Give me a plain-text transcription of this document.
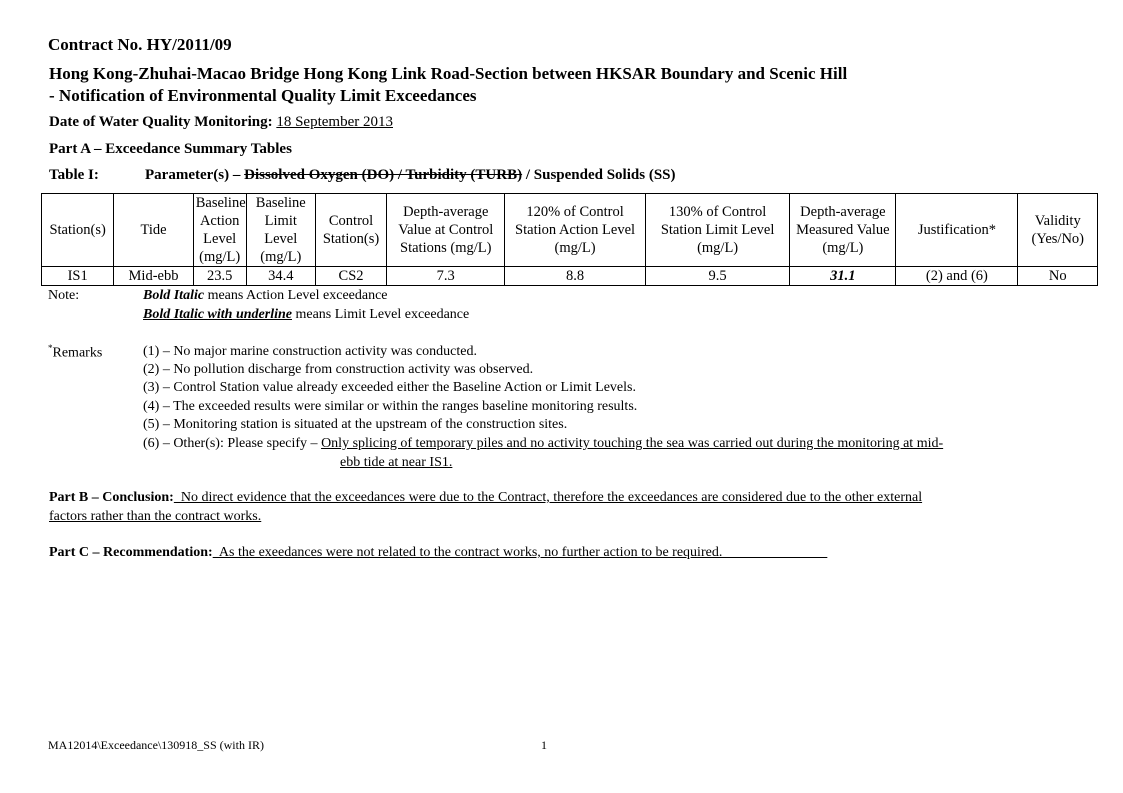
Contract No. HY/2011/09
Hong Kong-Zhuhai-Macao Bridge Hong Kong Link Road-Section between HKSAR Boundary and Scenic Hill
- Notification of Environmental Quality Limit Exceedances
Date of Water Quality Monitoring: 18 September 2013
Part A – Exceedance Summary Tables
Table I:	Parameter(s) – Dissolved Oxygen (DO) / Turbidity (TURB) / Suspended Solids (SS)
Station(s)	Tide	Baseline Action Level (mg/L)	Baseline Limit Level (mg/L)	Control Station(s)	Depth-average Value at Control Stations (mg/L)	120% of Control Station Action Level (mg/L)	130% of Control Station Limit Level (mg/L)	Depth-average Measured Value (mg/L)	Justification*	Validity (Yes/No)
IS1	Mid-ebb	23.5	34.4	CS2	7.3	8.8	9.5	31.1	(2) and (6)	No
Note:	Bold Italic means Action Level exceedance
Bold Italic with underline means Limit Level exceedance
*Remarks	(1) – No major marine construction activity was conducted.
(2) – No pollution discharge from construction activity was observed.
(3) – Control Station value already exceeded either the Baseline Action or Limit Levels.
(4) – The exceeded results were similar or within the ranges baseline monitoring results.
(5) – Monitoring station is situated at the upstream of the construction sites.
(6) – Other(s): Please specify – Only splicing of temporary piles and no activity touching the sea was carried out during the monitoring at mid-
ebb tide at near IS1.
Part B – Conclusion:  No direct evidence that the exceedances were due to the Contract, therefore the exceedances are considered due to the other external
factors rather than the contract works.
Part C – Recommendation:  As the exeedances were not related to the contract works, no further action to be required.
MA12014\Exceedance\130918_SS (with IR)	1
